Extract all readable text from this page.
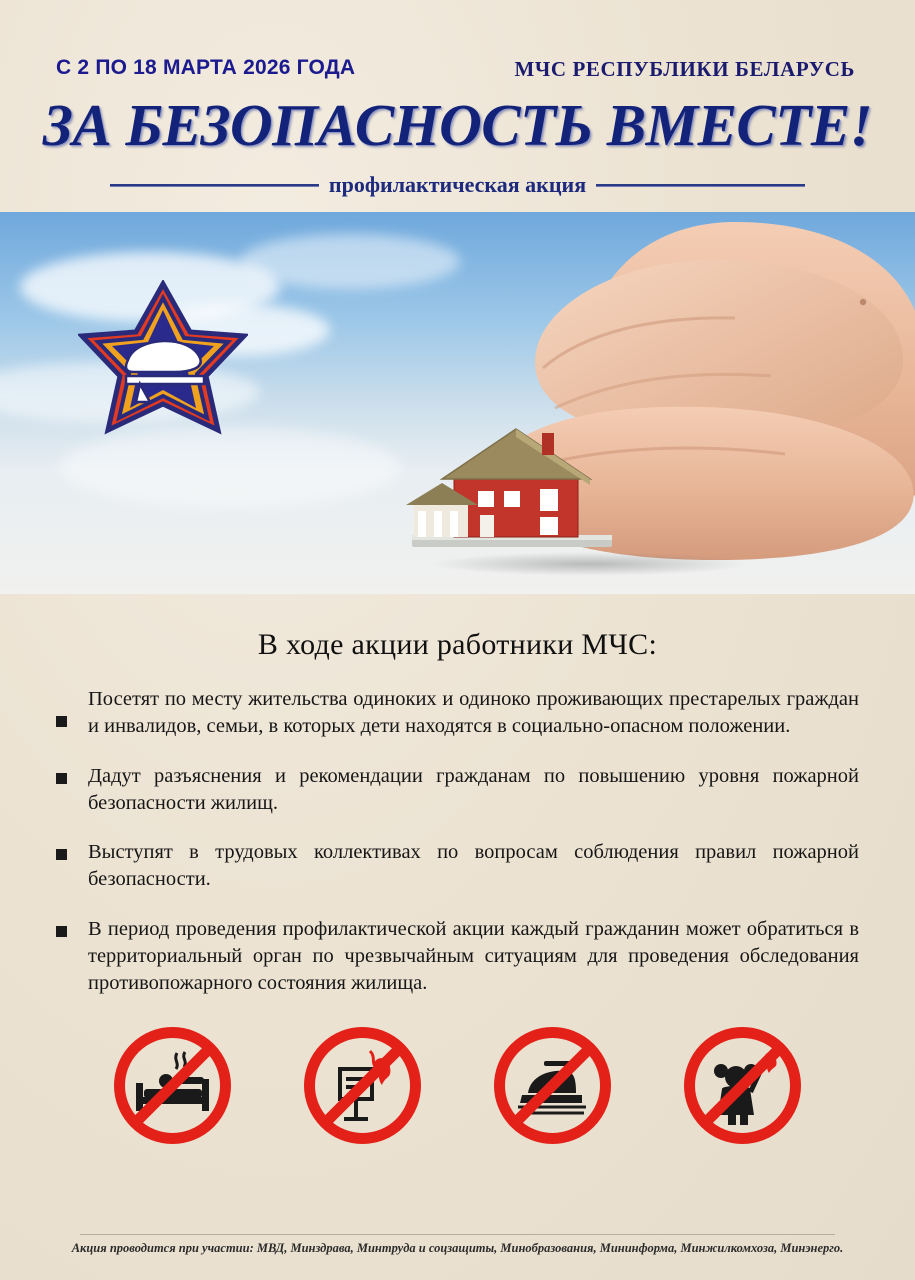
С 2 ПО 18 МАРТА 2026 ГОДА	МЧС РЕСПУБЛИКИ БЕЛАРУСЬ
ЗА БЕЗОПАСНОСТЬ ВМЕСТЕ!
профилактическая акция
В ходе акции работники МЧС:
Посетят по месту жительства одиноких и одиноко проживающих престарелых граждан и инвалидов, семьи, в которых дети находятся в социально-опасном положении.
Дадут разъяснения и рекомендации гражданам по повышению уровня пожарной безопасности жилищ.
Выступят в трудовых коллективах по вопросам соблюдения правил пожарной безопасности.
В период проведения профилактической акции каждый гражданин может обратиться в территориальный орган по чрезвычайным ситуациям для проведения обследования противопожарного состояния жилища.
Акция проводится при участии: МВД, Минздрава, Минтруда и соцзащиты, Минобразования, Мининформа, Минжилкомхоза, Минэнерго.
